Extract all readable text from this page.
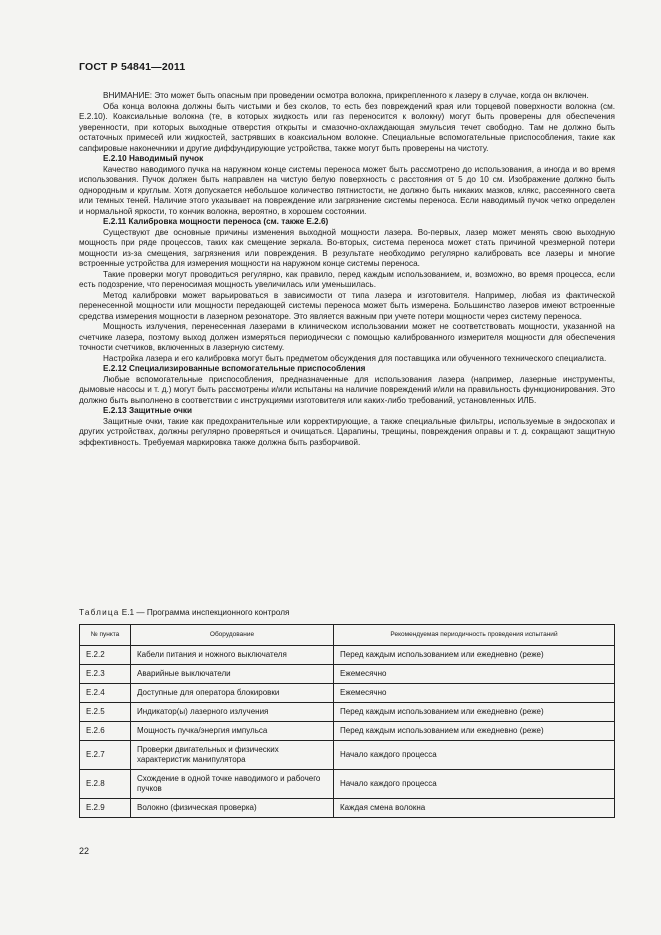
ГОСТ Р 54841—2011

ВНИМАНИЕ: Это может быть опасным при проведении осмотра волокна, прикрепленного к лазеру в случае, когда он включен.

Оба конца волокна должны быть чистыми и без сколов, то есть без повреждений края или торцевой поверхности волокна (см. Е.2.10). Коаксиальные волокна (те, в которых жидкость или газ переносится к волокну) могут быть проверены для обеспечения уверенности, при которых выходные отверстия открыты и смазочно-охлаждающая эмульсия течет свободно. Там не должно быть остаточных примесей или жидкостей, застрявших в коаксиальном волокне. Специальные вспомогательные приспособления, такие как сапфировые наконечники и другие диффундирующие устройства, также могут быть проверены на чистоту.

Е.2.10 Наводимый пучок

Качество наводимого пучка на наружном конце системы переноса может быть рассмотрено до использования, а иногда и во время использования. Пучок должен быть направлен на чистую белую поверхность с расстояния от 5 до 10 см. Изображение должно быть однородным и круглым. Хотя допускается небольшое количество пятнистости, не должно быть никаких мазков, клякс, рассеянного света или темных теней. Наличие этого указывает на повреждение или загрязнение системы переноса. Если наводимый пучок четко определен и нормальной яркости, то кончик волокна, вероятно, в хорошем состоянии.

Е.2.11 Калибровка мощности переноса (см. также Е.2.6)

Существуют две основные причины изменения выходной мощности лазера. Во-первых, лазер может менять свою выходную мощность при ряде процессов, таких как смещение зеркала. Во-вторых, система переноса может стать причиной чрезмерной потери мощности из-за смещения, загрязнения или повреждения. В результате необходимо регулярно калибровать все лазеры и многие встроенные устройства для измерения мощности на наружном конце системы переноса.

Такие проверки могут проводиться регулярно, как правило, перед каждым использованием, и, возможно, во время процесса, если есть подозрение, что переносимая мощность увеличилась или уменьшилась.

Метод калибровки может варьироваться в зависимости от типа лазера и изготовителя. Например, любая из фактической перенесенной мощности или мощности передающей системы переноса может быть измерена. Большинство лазеров имеют встроенные средства измерения мощности в лазерном резонаторе. Это является важным при учете потери мощности через систему переноса.

Мощность излучения, перенесенная лазерами в клиническом использовании может не соответствовать мощности, указанной на счетчике лазера, поэтому выход должен измеряться периодически с помощью калиброванного измерителя мощности для обеспечения точности счетчиков, включенных в лазерную систему.

Настройка лазера и его калибровка могут быть предметом обсуждения для поставщика или обученного технического специалиста.

Е.2.12 Специализированные вспомогательные приспособления

Любые вспомогательные приспособления, предназначенные для использования лазера (например, лазерные инструменты, дымовые насосы и т. д.) могут быть рассмотрены и/или испытаны на наличие повреждений и/или на правильность функционирования. Это должно быть выполнено в соответствии с инструкциями изготовителя или каких-либо требований, установленных ИЛБ.

Е.2.13 Защитные очки

Защитные очки, такие как предохранительные или корректирующие, а также специальные фильтры, используемые в эндоскопах и других устройствах, должны регулярно проверяться и очищаться. Царапины, трещины, повреждения оправы и т. д. сокращают защитную эффективность. Требуемая маркировка также должна быть разборчивой.

Таблица Е.1 — Программа инспекционного контроля
№ пункта	Оборудование	Рекомендуемая периодичность проведения испытаний
Е.2.2	Кабели питания и ножного выключателя	Перед каждым использованием или ежедневно (реже)
Е.2.3	Аварийные выключатели	Ежемесячно
Е.2.4	Доступные для оператора блокировки	Ежемесячно
Е.2.5	Индикатор(ы) лазерного излучения	Перед каждым использованием или ежедневно (реже)
Е.2.6	Мощность пучка/энергия импульса	Перед каждым использованием или ежедневно (реже)
Е.2.7	Проверки двигательных и физических характеристик манипулятора	Начало каждого процесса
Е.2.8	Схождение в одной точке наводимого и рабочего пучков	Начало каждого процесса
Е.2.9	Волокно (физическая проверка)	Каждая смена волокна
22
